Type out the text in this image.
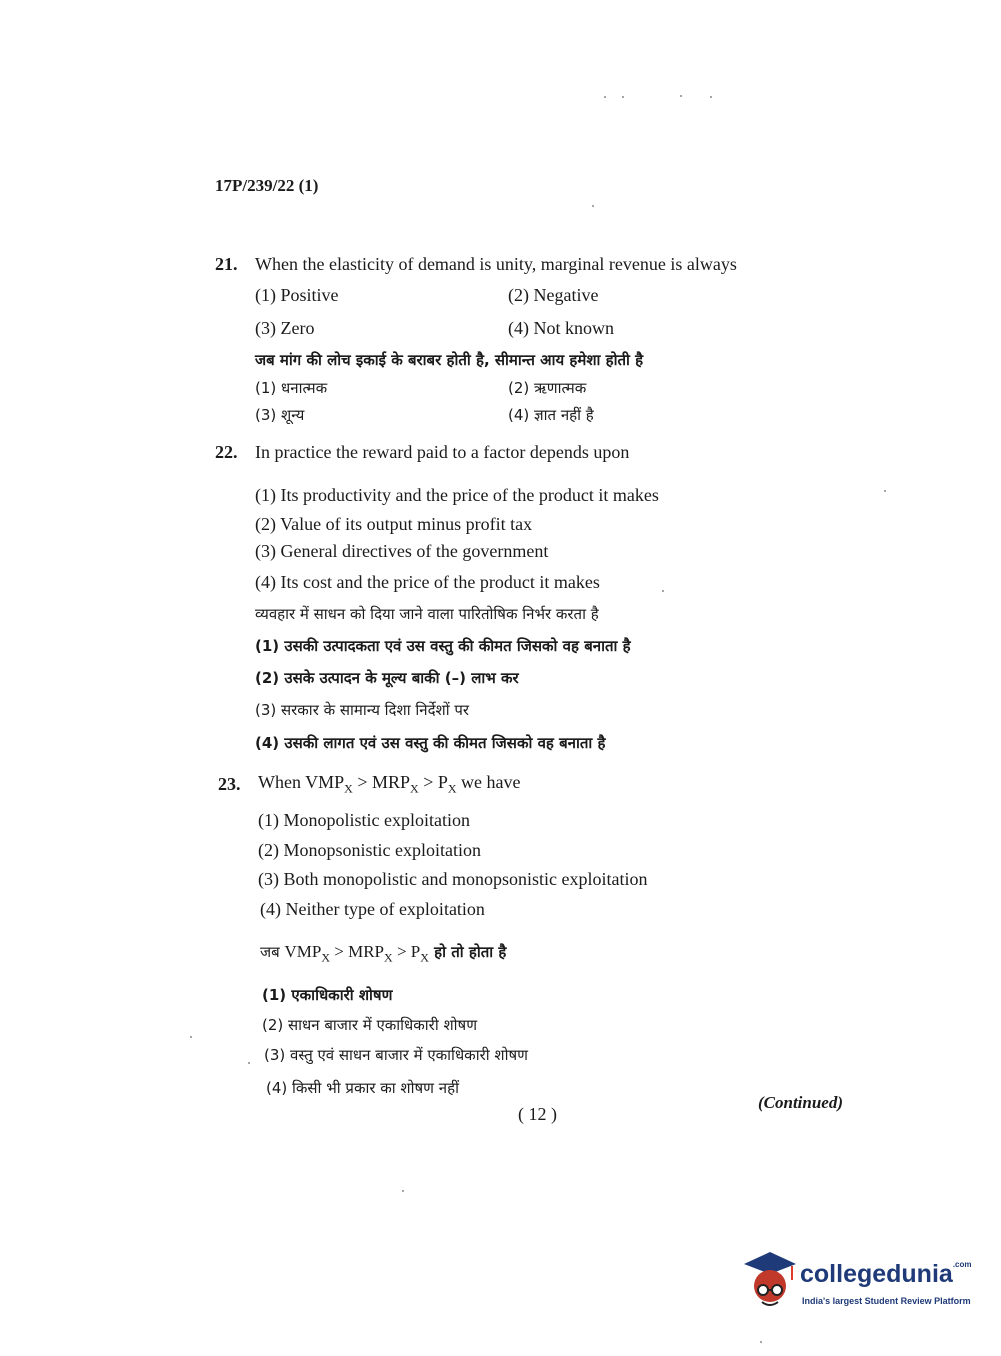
17P/239/22 (1)
21. When the elasticity of demand is unity, marginal revenue is always
(1) Positive	(2) Negative
(3) Zero	(4) Not known
जब मांग की लोच इकाई के बराबर होती है, सीमान्त आय हमेशा होती है
(1) धनात्मक	(2) ऋणात्मक
(3) शून्य	(4) ज्ञात नहीं है
22. In practice the reward paid to a factor depends upon
(1) Its productivity and the price of the product it makes
(2) Value of its output minus profit tax
(3) General directives of the government
(4) Its cost and the price of the product it makes
व्यवहार में साधन को दिया जाने वाला पारितोषिक निर्भर करता है
(1) उसकी उत्पादकता एवं उस वस्तु की कीमत जिसको वह बनाता है
(2) उसके उत्पादन के मूल्य बाकी (–) लाभ कर
(3) सरकार के सामान्य दिशा निर्देशों पर
(4) उसकी लागत एवं उस वस्तु की कीमत जिसको वह बनाता है
23. When $VMP_X > MRP_X > P_X$ we have
(1) Monopolistic exploitation
(2) Monopsonistic exploitation
(3) Both monopolistic and monopsonistic exploitation
(4) Neither type of exploitation
जब $VMP_X > MRP_X > P_X$ हो तो होता है
(1) एकाधिकारी शोषण
(2) साधन बाजार में एकाधिकारी शोषण
(3) वस्तु एवं साधन बाजार में एकाधिकारी शोषण
(4) किसी भी प्रकार का शोषण नहीं
( 12 )
(Continued)
collegedunia$^{.com}$
India's largest Student Review Platform
